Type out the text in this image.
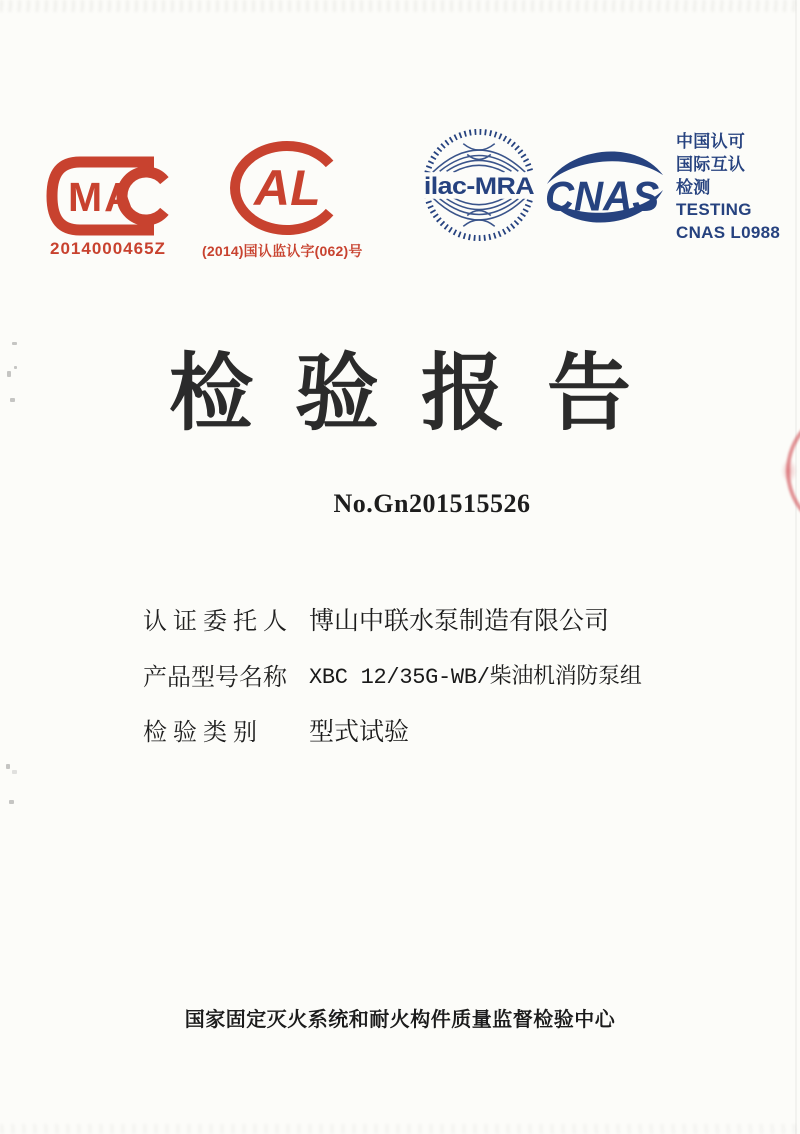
MA
2014000465Z
AL
(2014)国认监认字(062)号
ilac-MRA CNAS
中国认可
国际互认
检测
TESTING
CNAS L0988
检验报告
No.Gn201515526
认 证 委 托 人 博山中联水泵制造有限公司
产品型号名称 XBC 12/35G-WB/柴油机消防泵组
检 验 类 别 型式试验
国家固定灭火系统和耐火构件质量监督检验中心
